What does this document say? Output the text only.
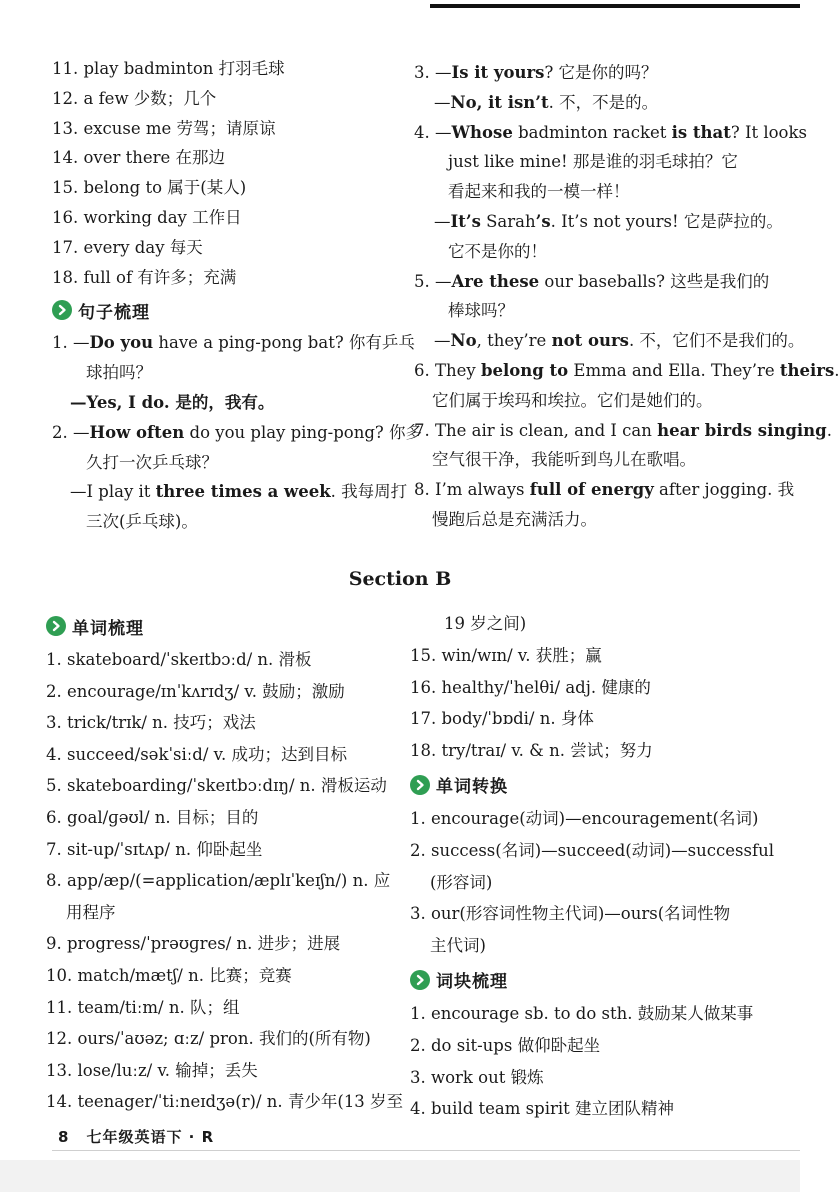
11. play badminton 打羽毛球
12. a few 少数；几个
13. excuse me 劳驾；请原谅
14. over there 在那边
15. belong to 属于(某人)
16. working day 工作日
17. every day 每天
18. full of 有许多；充满
句子梳理
1. —Do you have a ping-pong bat? 你有乒乓
球拍吗？
—Yes, I do. 是的，我有。
2. —How often do you play ping-pong? 你多
久打一次乒乓球？
—I play it three times a week. 我每周打
三次(乒乓球)。
3. —Is it yours? 它是你的吗？
—No, it isn’t. 不，不是的。
4. —Whose badminton racket is that? It looks
just like mine! 那是谁的羽毛球拍？它
看起来和我的一模一样！
—It’s Sarah’s. It’s not yours! 它是萨拉的。
它不是你的！
5. —Are these our baseballs? 这些是我们的
棒球吗？
—No, they’re not ours. 不，它们不是我们的。
6. They belong to Emma and Ella. They’re theirs.
它们属于埃玛和埃拉。它们是她们的。
7. The air is clean, and I can hear birds singing.
空气很干净，我能听到鸟儿在歌唱。
8. I’m always full of energy after jogging. 我
慢跑后总是充满活力。
Section B
单词梳理
1. skateboard/ˈskeɪtbɔːd/ n. 滑板
2. encourage/ɪnˈkʌrɪdʒ/ v. 鼓励；激励
3. trick/trɪk/ n. 技巧；戏法
4. succeed/səkˈsiːd/ v. 成功；达到目标
5. skateboarding/ˈskeɪtbɔːdɪŋ/ n. 滑板运动
6. goal/ɡəʊl/ n. 目标；目的
7. sit-up/ˈsɪtʌp/ n. 仰卧起坐
8. app/æp/(=application/æplɪˈkeɪʃn/) n. 应
用程序
9. progress/ˈprəʊɡres/ n. 进步；进展
10. match/mætʃ/ n. 比赛；竞赛
11. team/tiːm/ n. 队；组
12. ours/ˈaʊəz; ɑːz/ pron. 我们的(所有物)
13. lose/luːz/ v. 输掉；丢失
14. teenager/ˈtiːneɪdʒə(r)/ n. 青少年(13 岁至
19 岁之间)
15. win/wɪn/ v. 获胜；赢
16. healthy/ˈhelθi/ adj. 健康的
17. body/ˈbɒdi/ n. 身体
18. try/traɪ/ v. & n. 尝试；努力
单词转换
1. encourage(动词)—encouragement(名词)
2. success(名词)—succeed(动词)—successful
(形容词)
3. our(形容词性物主代词)—ours(名词性物
主代词)
词块梳理
1. encourage sb. to do sth. 鼓励某人做某事
2. do sit-ups 做仰卧起坐
3. work out 锻炼
4. build team spirit 建立团队精神
8 七年级英语下 · R
